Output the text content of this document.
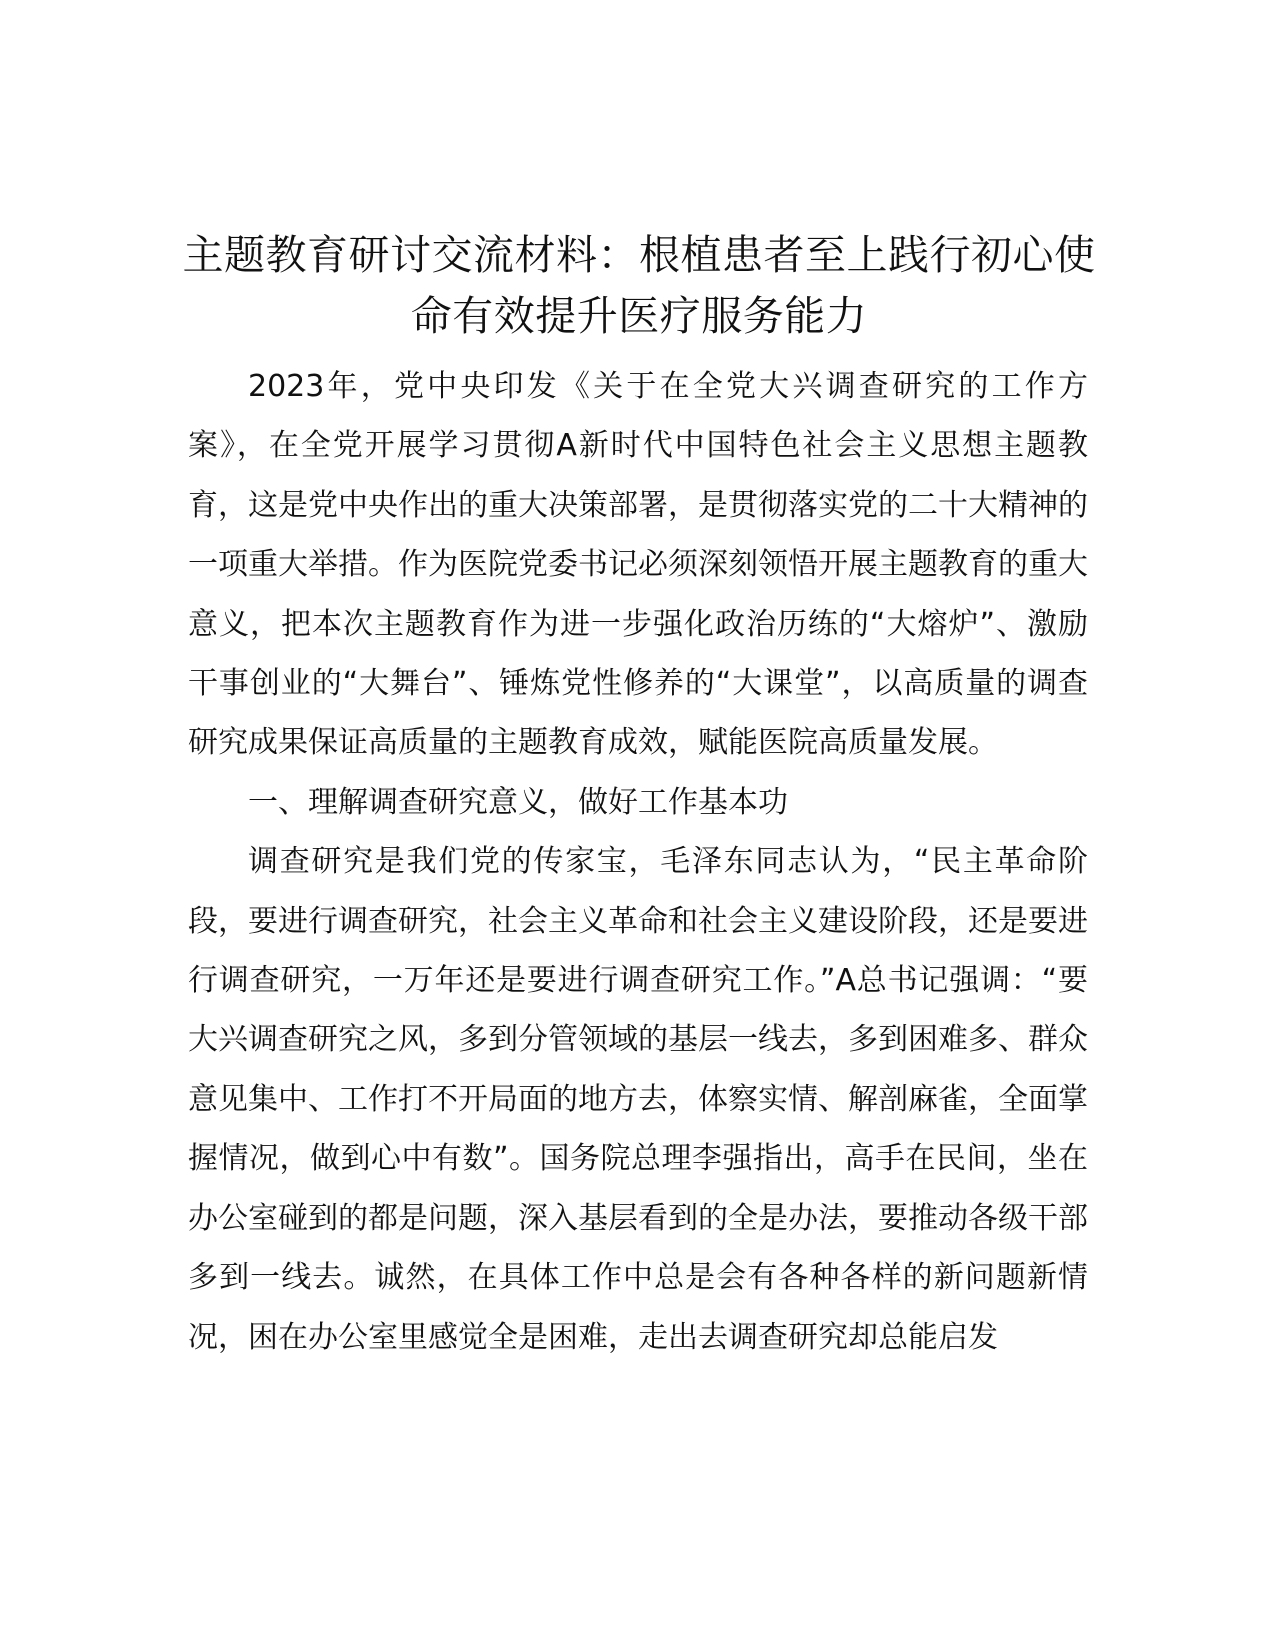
主题教育研讨交流材料：根植患者至上践行初心使命有效提升医疗服务能力

2023年，党中央印发《关于在全党大兴调查研究的工作方案》，在全党开展学习贯彻A新时代中国特色社会主义思想主题教育，这是党中央作出的重大决策部署，是贯彻落实党的二十大精神的一项重大举措。作为医院党委书记必须深刻领悟开展主题教育的重大意义，把本次主题教育作为进一步强化政治历练的“大熔炉”、激励干事创业的“大舞台”、锤炼党性修养的“大课堂”，以高质量的调查研究成果保证高质量的主题教育成效，赋能医院高质量发展。

一、理解调查研究意义，做好工作基本功

调查研究是我们党的传家宝，毛泽东同志认为，“民主革命阶段，要进行调查研究，社会主义革命和社会主义建设阶段，还是要进行调查研究，一万年还是要进行调查研究工作。”A总书记强调：“要大兴调查研究之风，多到分管领域的基层一线去，多到困难多、群众意见集中、工作打不开局面的地方去，体察实情、解剖麻雀，全面掌握情况，做到心中有数”。国务院总理李强指出，高手在民间，坐在办公室碰到的都是问题，深入基层看到的全是办法，要推动各级干部多到一线去。诚然，在具体工作中总是会有各种各样的新问题新情况，困在办公室里感觉全是困难，走出去调查研究却总能启发
